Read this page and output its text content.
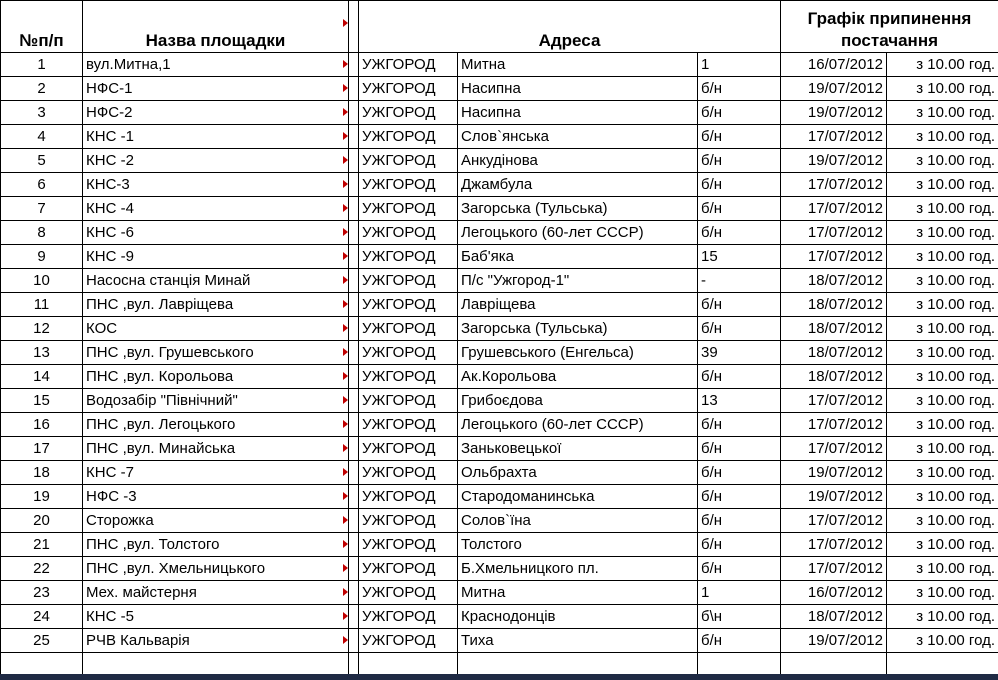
№п/п	Назва площадки		Адреса			Графік припинення
постачання	
1	вул.Митна,1		УЖГОРОД	Митна	1	16/07/2012	з 10.00 год.
2	НФС-1		УЖГОРОД	Насипна	б/н	19/07/2012	з 10.00 год.
3	НФС-2		УЖГОРОД	Насипна	б/н	19/07/2012	з 10.00 год.
4	КНС -1		УЖГОРОД	Слов`янська	б/н	17/07/2012	з 10.00 год.
5	КНС -2		УЖГОРОД	Анкудінова	б/н	19/07/2012	з 10.00 год.
6	КНС-3		УЖГОРОД	Джамбула	б/н	17/07/2012	з 10.00 год.
7	КНС -4		УЖГОРОД	Загорська (Тульська)	б/н	17/07/2012	з 10.00 год.
8	КНС -6		УЖГОРОД	Легоцького (60-лет СССР)	б/н	17/07/2012	з 10.00 год.
9	КНС -9		УЖГОРОД	Баб'яка	15	17/07/2012	з 10.00 год.
10	Насосна станція Минай		УЖГОРОД	П/с "Ужгород-1"	-	18/07/2012	з 10.00 год.
11	ПНС ,вул. Лавріщева		УЖГОРОД	Лавріщева	б/н	18/07/2012	з 10.00 год.
12	КОС		УЖГОРОД	Загорська (Тульська)	б/н	18/07/2012	з 10.00 год.
13	ПНС ,вул. Грушевського		УЖГОРОД	Грушевського (Енгельса)	39	18/07/2012	з 10.00 год.
14	ПНС ,вул. Корольова		УЖГОРОД	Ак.Корольова	б/н	18/07/2012	з 10.00 год.
15	Водозабір "Північний"		УЖГОРОД	Грибоєдова	13	17/07/2012	з 10.00 год.
16	ПНС ,вул. Легоцького		УЖГОРОД	Легоцького (60-лет СССР)	б/н	17/07/2012	з 10.00 год.
17	ПНС ,вул. Минайська		УЖГОРОД	Заньковецької	б/н	17/07/2012	з 10.00 год.
18	КНС -7		УЖГОРОД	Ольбрахта	б/н	19/07/2012	з 10.00 год.
19	НФС -3		УЖГОРОД	Стародоманинська	б/н	19/07/2012	з 10.00 год.
20	Сторожка		УЖГОРОД	Солов`їна	б/н	17/07/2012	з 10.00 год.
21	ПНС ,вул. Толстого		УЖГОРОД	Толстого	б/н	17/07/2012	з 10.00 год.
22	ПНС ,вул. Хмельницького		УЖГОРОД	Б.Хмельницкого пл.	б/н	17/07/2012	з 10.00 год.
23	Мех. майстерня		УЖГОРОД	Митна	1	16/07/2012	з 10.00 год.
24	КНС -5		УЖГОРОД	Краснодонців	б\н	18/07/2012	з 10.00 год.
25	РЧВ Кальварія		УЖГОРОД	Тиха	б/н	19/07/2012	з 10.00 год.
